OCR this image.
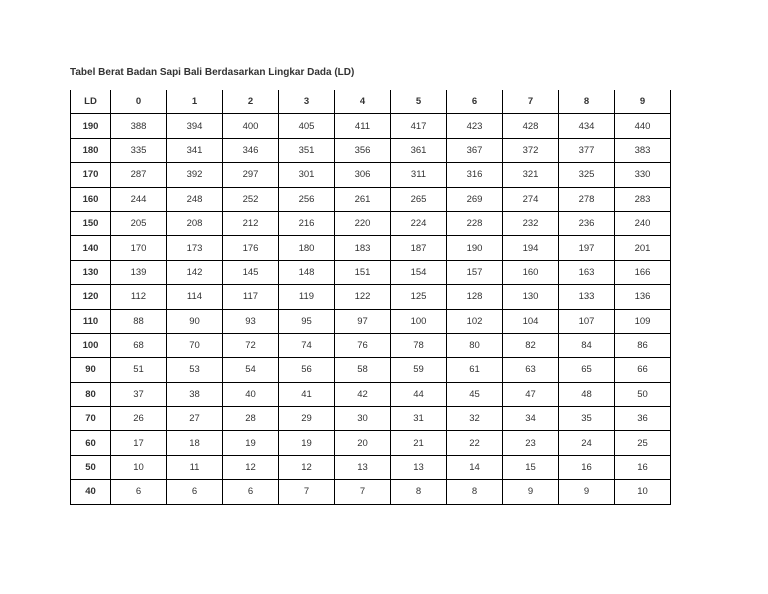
Tabel Berat Badan Sapi Bali Berdasarkan Lingkar Dada (LD)
LD	0	1	2	3	4	5	6	7	8	9
190	388	394	400	405	411	417	423	428	434	440
180	335	341	346	351	356	361	367	372	377	383
170	287	392	297	301	306	311	316	321	325	330
160	244	248	252	256	261	265	269	274	278	283
150	205	208	212	216	220	224	228	232	236	240
140	170	173	176	180	183	187	190	194	197	201
130	139	142	145	148	151	154	157	160	163	166
120	112	114	117	119	122	125	128	130	133	136
110	88	90	93	95	97	100	102	104	107	109
100	68	70	72	74	76	78	80	82	84	86
90	51	53	54	56	58	59	61	63	65	66
80	37	38	40	41	42	44	45	47	48	50
70	26	27	28	29	30	31	32	34	35	36
60	17	18	19	19	20	21	22	23	24	25
50	10	11	12	12	13	13	14	15	16	16
40	6	6	6	7	7	8	8	9	9	10
